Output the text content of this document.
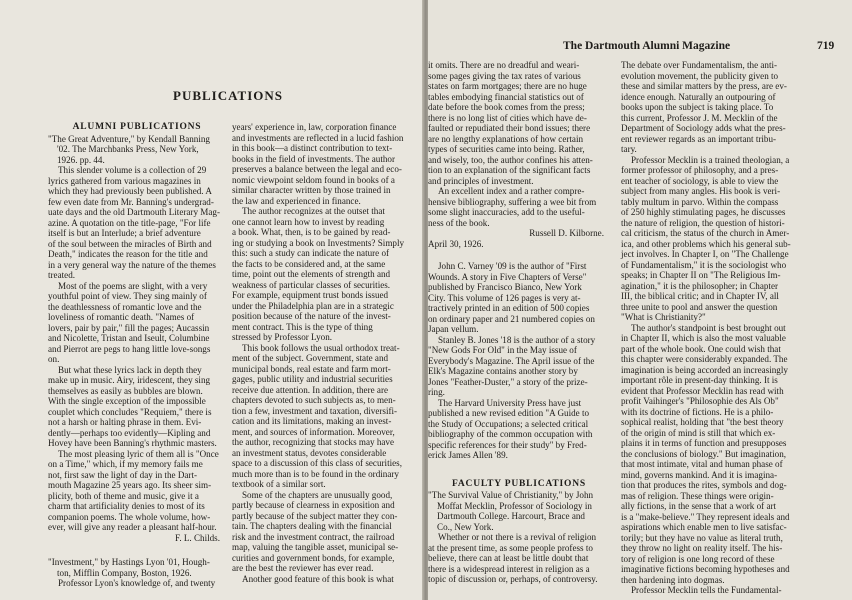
PUBLICATIONS
ALUMNI PUBLICATIONS

"The Great Adventure," by Kendall Banning

'02. The Marchbanks Press, New York,

1926. pp. 44.

This slender volume is a collection of 29

lyrics gathered from various magazines in

which they had previously been published. A

few even date from Mr. Banning's undergrad-

uate days and the old Dartmouth Literary Mag-

azine. A quotation on the title-page, "For life

itself is but an Interlude; a brief adventure

of the soul between the miracles of Birth and

Death," indicates the reason for the title and

in a very general way the nature of the themes

treated.

Most of the poems are slight, with a very

youthful point of view. They sing mainly of

the deathlessness of romantic love and the

loveliness of romantic death. "Names of

lovers, pair by pair," fill the pages; Aucassin

and Nicolette, Tristan and Iseult, Columbine

and Pierrot are pegs to hang little love-songs

on.

But what these lyrics lack in depth they

make up in music. Airy, iridescent, they sing

themselves as easily as bubbles are blown.

With the single exception of the impossible

couplet which concludes "Requiem," there is

not a harsh or halting phrase in them. Evi-

dently—perhaps too evidently—Kipling and

Hovey have been Banning's rhythmic masters.

The most pleasing lyric of them all is "Once

on a Time," which, if my memory fails me

not, first saw the light of day in the Dart-

mouth Magazine 25 years ago. Its sheer sim-

plicity, both of theme and music, give it a

charm that artificiality denies to most of its

companion poems. The whole volume, how-

ever, will give any reader a pleasant half-hour.

F. L. Childs.

"Investment," by Hastings Lyon '01, Hough-

ton, Mifflin Company, Boston, 1926.

Professor Lyon's knowledge of, and twenty

years' experience in, law, corporation finance

and investments are reflected in a lucid fashion

in this book—a distinct contribution to text-

books in the field of investments. The author

preserves a balance between the legal and eco-

nomic viewpoint seldom found in books of a

similar character written by those trained in

the law and experienced in finance.

The author recognizes at the outset that

one cannot learn how to invest by reading

a book. What, then, is to be gained by read-

ing or studying a book on Investments? Simply

this: such a study can indicate the nature of

the facts to be considered and, at the same

time, point out the elements of strength and

weakness of particular classes of securities.

For example, equipment trust bonds issued

under the Philadelphia plan are in a strategic

position because of the nature of the invest-

ment contract. This is the type of thing

stressed by Professor Lyon.

This book follows the usual orthodox treat-

ment of the subject. Government, state and

municipal bonds, real estate and farm mort-

gages, public utility and industrial securities

receive due attention. In addition, there are

chapters devoted to such subjects as, to men-

tion a few, investment and taxation, diversifi-

cation and its limitations, making an invest-

ment, and sources of information. Moreover,

the author, recognizing that stocks may have

an investment status, devotes considerable

space to a discussion of this class of securities,

much more than is to be found in the ordinary

textbook of a similar sort.

Some of the chapters are unusually good,

partly because of clearness in exposition and

partly because of the subject matter they con-

tain. The chapters dealing with the financial

risk and the investment contract, the railroad

map, valuing the tangible asset, municipal se-

curities and government bonds, for example,

are the best the reviewer has ever read.

Another good feature of this book is what

The Dartmouth Alumni Magazine	719

it omits. There are no dreadful and weari-

some pages giving the tax rates of various

states on farm mortgages; there are no huge

tables embodying financial statistics out of

date before the book comes from the press;

there is no long list of cities which have de-

faulted or repudiated their bond issues; there

are no lengthy explanations of how certain

types of securities came into being. Rather,

and wisely, too, the author confines his atten-

tion to an explanation of the significant facts

and principles of investment.

An excellent index and a rather compre-

hensive bibliography, suffering a wee bit from

some slight inaccuracies, add to the useful-

ness of the book.

Russell D. Kilborne.

April 30, 1926.

John C. Varney '09 is the author of "First

Wounds. A story in Five Chapters of Verse"

published by Francisco Bianco, New York

City. This volume of 126 pages is very at-

tractively printed in an edition of 500 copies

on ordinary paper and 21 numbered copies on

Japan vellum.

Stanley B. Jones '18 is the author of a story

"New Gods For Old" in the May issue of

Everybody's Magazine. The April issue of the

Elk's Magazine contains another story by

Jones "Feather-Duster," a story of the prize-

ring.

The Harvard University Press have just

published a new revised edition "A Guide to

the Study of Occupations; a selected critical

bibliography of the common occupation with

specific references for their study" by Fred-

erick James Allen '89.

FACULTY PUBLICATIONS

"The Survival Value of Christianity," by John

Moffat Mecklin, Professor of Sociology in

Dartmouth College. Harcourt, Brace and

Co., New York.

Whether or not there is a revival of religion

at the present time, as some people profess to

believe, there can at least be little doubt that

there is a widespread interest in religion as a

topic of discussion or, perhaps, of controversy.

The debate over Fundamentalism, the anti-

evolution movement, the publicity given to

these and similar matters by the press, are ev-

idence enough. Naturally an outpouring of

books upon the subject is taking place. To

this current, Professor J. M. Mecklin of the

Department of Sociology adds what the pres-

ent reviewer regards as an important tribu-

tary.

Professor Mecklin is a trained theologian, a

former professor of philosophy, and a pres-

ent teacher of sociology, is able to view the

subject from many angles. His book is veri-

tably multum in parvo. Within the compass

of 250 highly stimulating pages, he discusses

the nature of religion, the question of histori-

cal criticism, the status of the church in Amer-

ica, and other problems which his general sub-

ject involves. In Chapter I, on "The Challenge

of Fundamentalism," it is the sociologist who

speaks; in Chapter II on "The Religious Im-

agination," it is the philosopher; in Chapter

III, the biblical critic; and in Chapter IV, all

three unite to pool and answer the question

"What is Christianity?"

The author's standpoint is best brought out

in Chapter II, which is also the most valuable

part of the whole book. One could wish that

this chapter were considerably expanded. The

imagination is being accorded an increasingly

important rôle in present-day thinking. It is

evident that Professor Mecklin has read with

profit Vaihinger's "Philosophie des Als Ob"

with its doctrine of fictions. He is a philo-

sophical realist, holding that "the best theory

of the origin of mind is still that which ex-

plains it in terms of function and presupposes

the conclusions of biology." But imagination,

that most intimate, vital and human phase of

mind, governs mankind. And it is imagina-

tion that produces the rites, symbols and dog-

mas of religion. These things were origin-

ally fictions, in the sense that a work of art

is a "make-believe." They represent ideals and

aspirations which enable men to live satisfac-

torily; but they have no value as literal truth,

they throw no light on reality itself. The his-

tory of religion is one long record of these

imaginative fictions becoming hypotheses and

then hardening into dogmas.

Professor Mecklin tells the Fundamental-
